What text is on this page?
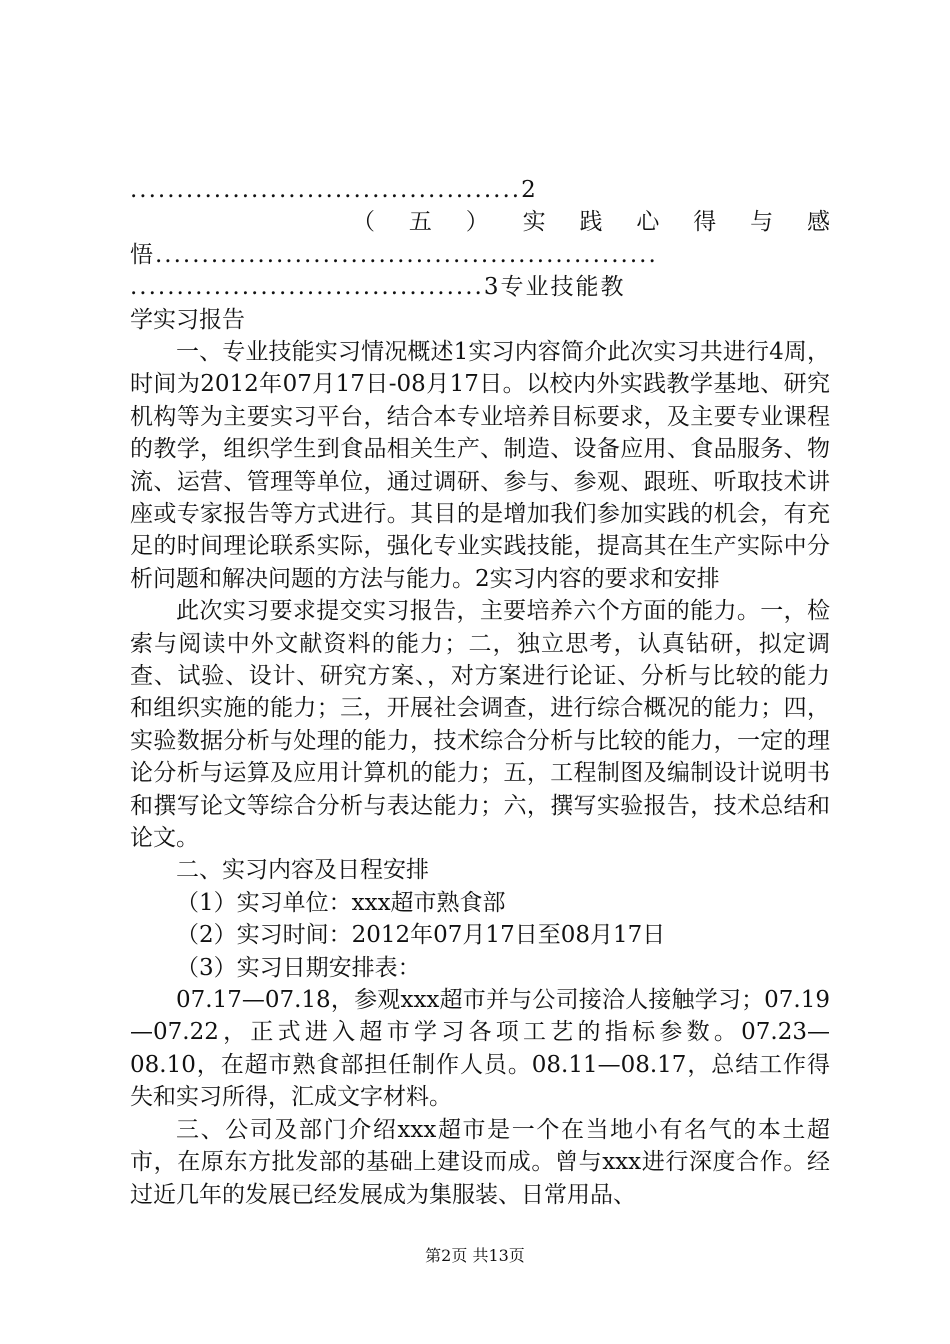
..........................................2
（五）实践心得与感
悟......................................................
......................................3专业技能教
学实习报告

一、专业技能实习情况概述1实习内容简介此次实习共进行4周，时间为2012年07月17日-08月17日。以校内外实践教学基地、研究机构等为主要实习平台，结合本专业培养目标要求，及主要专业课程的教学，组织学生到食品相关生产、制造、设备应用、食品服务、物流、运营、管理等单位，通过调研、参与、参观、跟班、听取技术讲座或专家报告等方式进行。其目的是增加我们参加实践的机会，有充足的时间理论联系实际，强化专业实践技能，提高其在生产实际中分析问题和解决问题的方法与能力。2实习内容的要求和安排

此次实习要求提交实习报告，主要培养六个方面的能力。一，检索与阅读中外文献资料的能力；二，独立思考，认真钻研，拟定调查、试验、设计、研究方案、，对方案进行论证、分析与比较的能力和组织实施的能力；三，开展社会调查，进行综合概况的能力；四，实验数据分析与处理的能力，技术综合分析与比较的能力，一定的理论分析与运算及应用计算机的能力；五，工程制图及编制设计说明书和撰写论文等综合分析与表达能力；六，撰写实验报告，技术总结和论文。

二、实习内容及日程安排
（1）实习单位：xxx超市熟食部
（2）实习时间：2012年07月17日至08月17日
（3）实习日期安排表：

07.17—07.18，参观xxx超市并与公司接洽人接触学习；07.19—07.22，正式进入超市学习各项工艺的指标参数。07.23—08.10，在超市熟食部担任制作人员。08.11—08.17，总结工作得失和实习所得，汇成文字材料。

三、公司及部门介绍xxx超市是一个在当地小有名气的本土超市，在原东方批发部的基础上建设而成。曾与xxx进行深度合作。经过近几年的发展已经发展成为集服装、日常用品、

第2页 共13页
